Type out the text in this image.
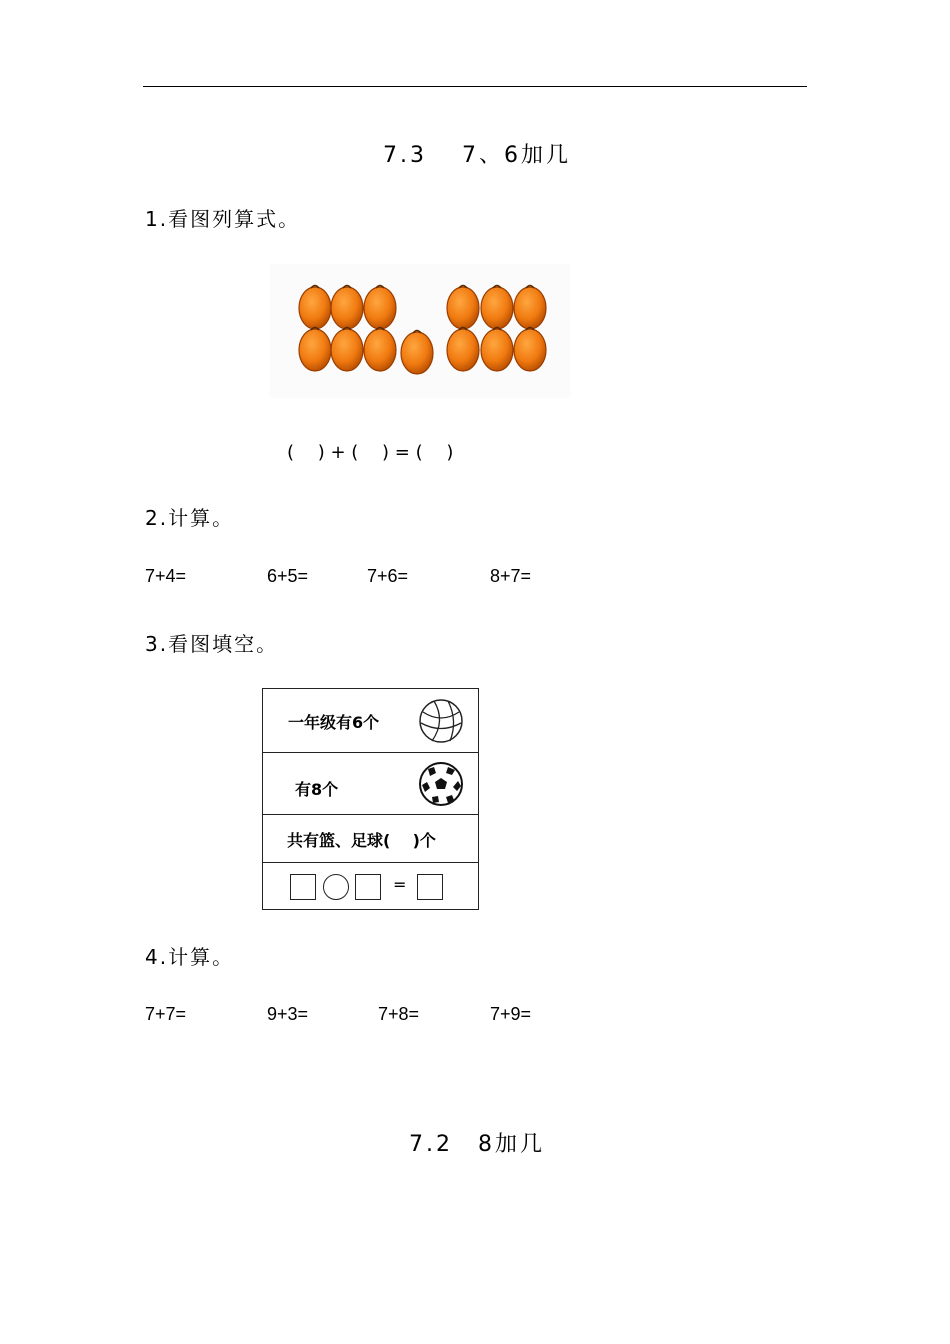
7.3　 7、6加几
1.看图列算式。
(　 ) + (　 ) = (　 )
2.计算。
7+4=	6+5=	7+6=	8+7=
3.看图填空。
一年级有6个
有8个
共有篮、足球(    )个
=
4.计算。
7+7=	9+3=	7+8=	7+9=
7.2　8加几
